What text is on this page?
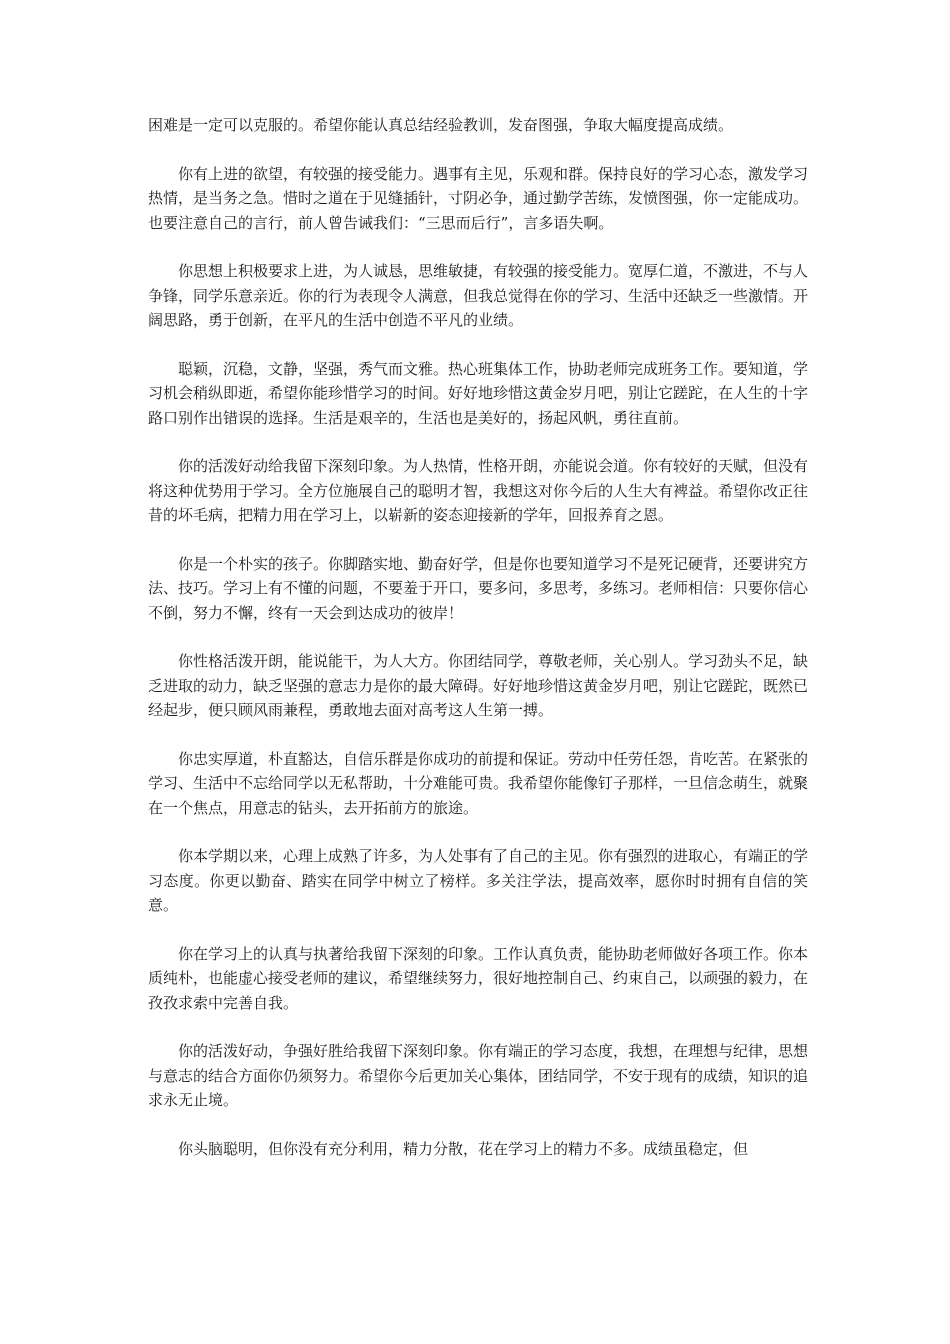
困难是一定可以克服的。希望你能认真总结经验教训，发奋图强，争取大幅度提高成绩。

你有上进的欲望，有较强的接受能力。遇事有主见，乐观和群。保持良好的学习心态，激发学习热情，是当务之急。惜时之道在于见缝插针，寸阴必争，通过勤学苦练，发愤图强，你一定能成功。也要注意自己的言行，前人曾告诫我们：“三思而后行”，言多语失啊。

你思想上积极要求上进，为人诚恳，思维敏捷，有较强的接受能力。宽厚仁道，不激进，不与人争锋，同学乐意亲近。你的行为表现令人满意，但我总觉得在你的学习、生活中还缺乏一些激情。开阔思路，勇于创新，在平凡的生活中创造不平凡的业绩。

聪颖，沉稳，文静，坚强，秀气而文雅。热心班集体工作，协助老师完成班务工作。要知道，学习机会稍纵即逝，希望你能珍惜学习的时间。好好地珍惜这黄金岁月吧，别让它蹉跎，在人生的十字路口别作出错误的选择。生活是艰辛的，生活也是美好的，扬起风帆，勇往直前。

你的活泼好动给我留下深刻印象。为人热情，性格开朗，亦能说会道。你有较好的天赋，但没有将这种优势用于学习。全方位施展自己的聪明才智，我想这对你今后的人生大有裨益。希望你改正往昔的坏毛病，把精力用在学习上，以崭新的姿态迎接新的学年，回报养育之恩。

你是一个朴实的孩子。你脚踏实地、勤奋好学，但是你也要知道学习不是死记硬背，还要讲究方法、技巧。学习上有不懂的问题，不要羞于开口，要多问，多思考，多练习。老师相信：只要你信心不倒，努力不懈，终有一天会到达成功的彼岸！

你性格活泼开朗，能说能干，为人大方。你团结同学，尊敬老师，关心别人。学习劲头不足，缺乏进取的动力，缺乏坚强的意志力是你的最大障碍。好好地珍惜这黄金岁月吧，别让它蹉跎，既然已经起步，便只顾风雨兼程，勇敢地去面对高考这人生第一搏。

你忠实厚道，朴直豁达，自信乐群是你成功的前提和保证。劳动中任劳任怨，肯吃苦。在紧张的学习、生活中不忘给同学以无私帮助，十分难能可贵。我希望你能像钉子那样，一旦信念萌生，就聚在一个焦点，用意志的钻头，去开拓前方的旅途。

你本学期以来，心理上成熟了许多，为人处事有了自己的主见。你有强烈的进取心，有端正的学习态度。你更以勤奋、踏实在同学中树立了榜样。多关注学法，提高效率，愿你时时拥有自信的笑意。

你在学习上的认真与执著给我留下深刻的印象。工作认真负责，能协助老师做好各项工作。你本质纯朴，也能虚心接受老师的建议，希望继续努力，很好地控制自己、约束自己，以顽强的毅力，在孜孜求索中完善自我。

你的活泼好动，争强好胜给我留下深刻印象。你有端正的学习态度，我想，在理想与纪律，思想与意志的结合方面你仍须努力。希望你今后更加关心集体，团结同学，不安于现有的成绩，知识的追求永无止境。

你头脑聪明，但你没有充分利用，精力分散，花在学习上的精力不多。成绩虽稳定，但
